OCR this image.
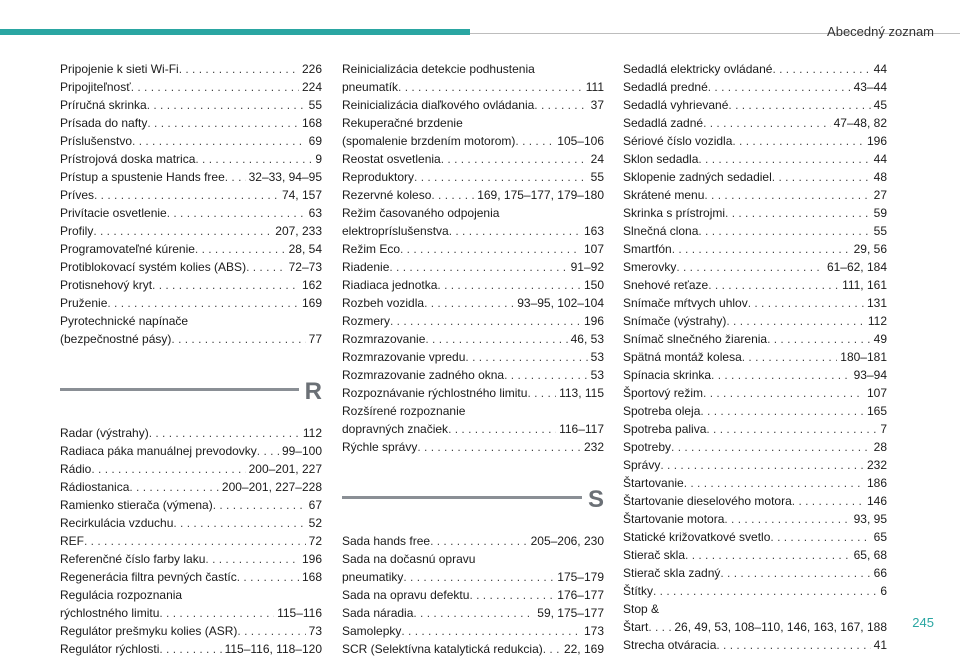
Abecedný zoznam
Pripojenie k sieti Wi-Fi . . .	226
Pripojiteľnosť . . .	224
Príručná skrinka . . .	55
Prísada do nafty . . .	168
Príslušenstvo . . .	69
Prístrojová doska matrica . . .	9
Prístup a spustenie Hands free . . . 32–33, 94–95
Príves . . .	74, 157
Privítacie osvetlenie . . .	63
Profily . . .	207, 233
Programovateľné kúrenie . . .	28, 54
Protiblokovací systém kolies (ABS) . . .	72–73
Protisnehový kryt . . .	162
Pruženie . . .	169
Pyrotechnické napínače
(bezpečnostné pásy) . . .	77
R
Radar (výstrahy) . . .	112
Radiaca páka manuálnej prevodovky . . . 99–100
Rádio . . .	200–201, 227
Rádiostanica . . .	200–201, 227–228
Ramienko stierača (výmena) . . .	67
Recirkulácia vzduchu . . .	52
REF . . .	72
Referenčné číslo farby laku . . .	196
Regenerácia filtra pevných častíc . . .	168
Regulácia rozpoznania
rýchlostného limitu . . .	115–116
Regulátor prešmyku kolies (ASR) . . .	73
Regulátor rýchlosti . . .	115–116, 118–120
Reinicializácia detekcie podhustenia
pneumatík . . .	111
Reinicializácia diaľkového ovládania . . .	37
Rekuperačné brzdenie
(spomalenie brzdením motorom) . . .	105–106
Reostat osvetlenia . . .	24
Reproduktory . . .	55
Rezervné koleso . . .	169, 175–177, 179–180
Režim časovaného odpojenia
elektropríslušenstva . . .	163
Režim Eco . . .	107
Riadenie . . .	91–92
Riadiaca jednotka . . .	150
Rozbeh vozidla . . .	93–95, 102–104
Rozmery . . .	196
Rozmrazovanie . . .	46, 53
Rozmrazovanie vpredu . . .	53
Rozmrazovanie zadného okna . . .	53
Rozpoznávanie rýchlostného limitu . . .	113, 115
Rozšírené rozpoznanie
dopravných značiek . . .	116–117
Rýchle správy . . .	232
S
Sada hands free . . .	205–206, 230
Sada na dočasnú opravu
pneumatiky . . .	175–179
Sada na opravu defektu . . .	176–177
Sada náradia . . .	59, 175–177
Samolepky . . .	173
SCR (Selektívna katalytická redukcia) . . . 22, 169
Sedadlá elektricky ovládané . . .	44
Sedadlá predné . . .	43–44
Sedadlá vyhrievané . . .	45
Sedadlá zadné . . .	47–48, 82
Sériové číslo vozidla . . .	196
Sklon sedadla . . .	44
Sklopenie zadných sedadiel . . .	48
Skrátené menu . . .	27
Skrinka s prístrojmi . . .	59
Slnečná clona . . .	55
Smartfón . . .	29, 56
Smerovky . . .	61–62, 184
Snehové reťaze . . .	111, 161
Snímače mŕtvych uhlov . . .	131
Snímače (výstrahy) . . .	112
Snímač slnečného žiarenia . . .	49
Spätná montáž kolesa . . .	180–181
Spínacia skrinka . . .	93–94
Športový režim . . .	107
Spotreba oleja . . .	165
Spotreba paliva . . .	7
Spotreby . . .	28
Správy . . .	232
Štartovanie . . .	186
Štartovanie dieselového motora . . .	146
Štartovanie motora . . .	93, 95
Statické križovatkové svetlo . . .	65
Stierač skla . . .	65, 68
Stierač skla zadný . . .	66
Štítky . . .	6
Stop &
Štart . . . 26, 49, 53, 108–110, 146, 163, 167, 188
Strecha otváracia . . .	41
245
